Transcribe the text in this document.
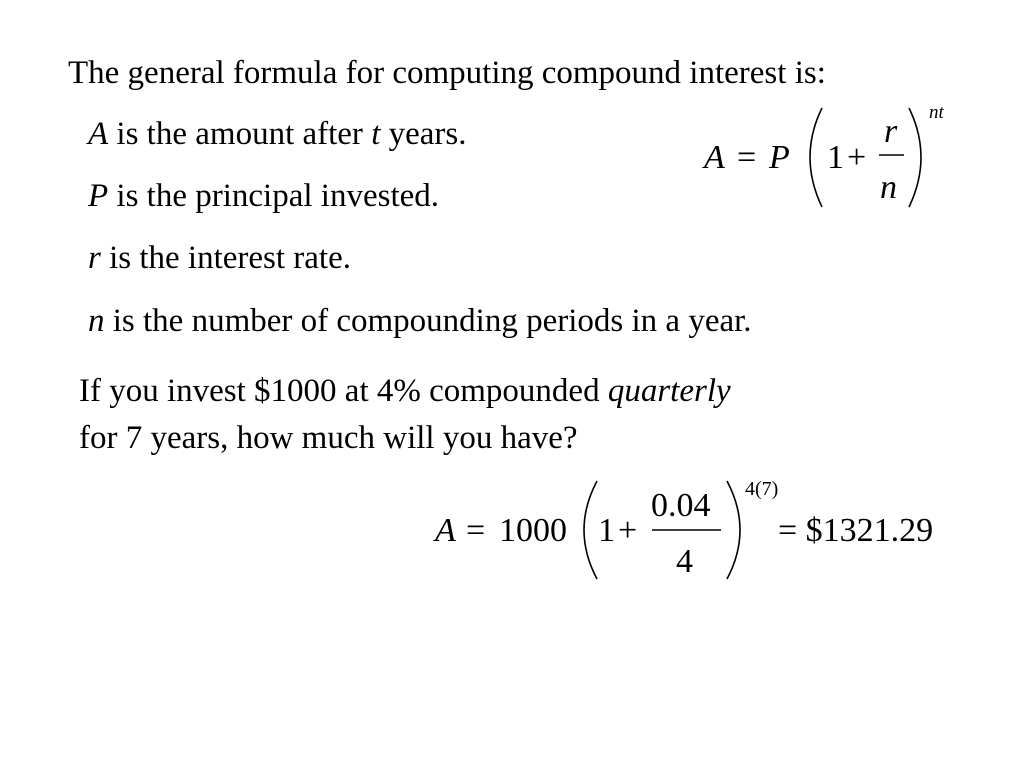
The general formula for computing compound interest is:
A is the amount after t years.
P is the principal invested.
r is the interest rate.
n is the number of compounding periods in a year.
If you invest $1000 at 4% compounded quarterly
for 7 years, how much will you have?
A = P 1 +
r
n
nt
A = 1000 1 +
0.04
4
4(7)
= $1321.29
